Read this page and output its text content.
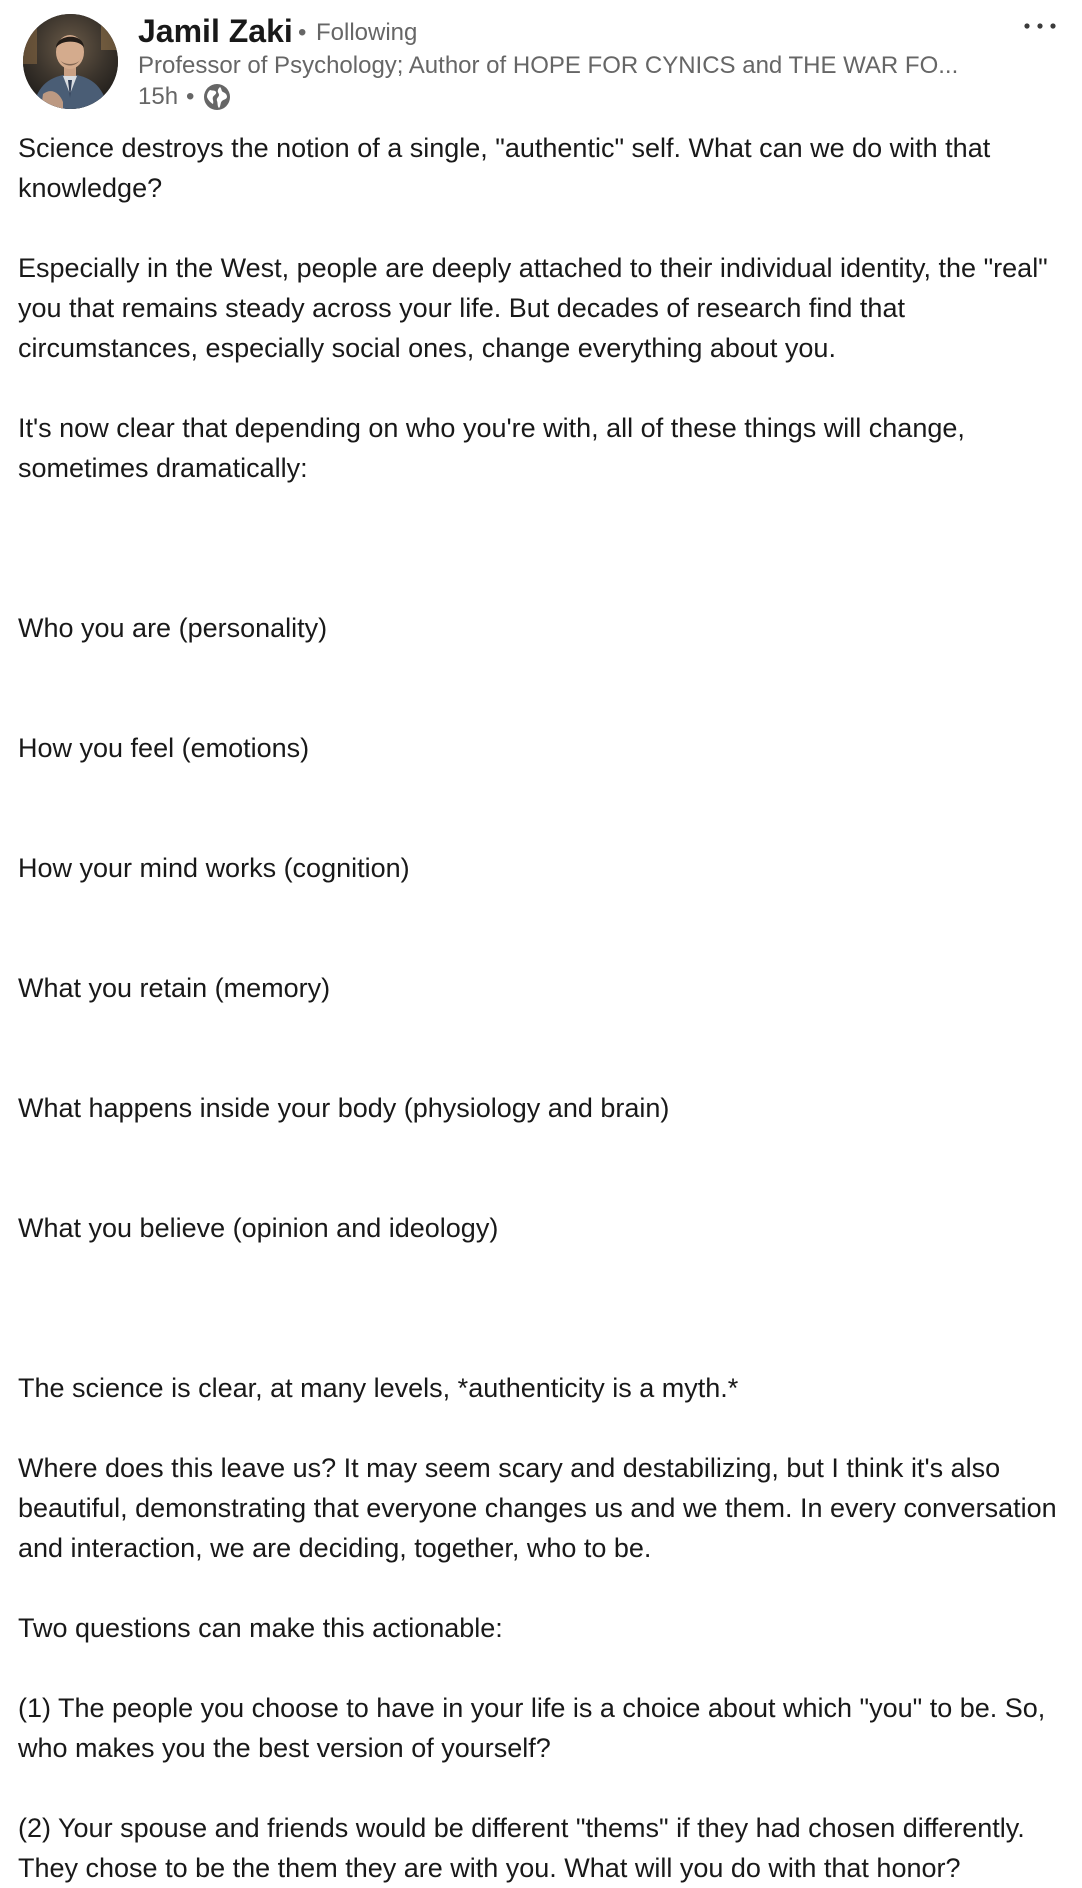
Jamil Zaki • Following
Professor of Psychology; Author of HOPE FOR CYNICS and THE WAR FO...
15h •

Science destroys the notion of a single, "authentic" self. What can we do with that knowledge?

Especially in the West, people are deeply attached to their individual identity, the "real" you that remains steady across your life. But decades of research find that circumstances, especially social ones, change everything about you.

It's now clear that depending on who you're with, all of these things will change, sometimes dramatically:

Who you are (personality)

How you feel (emotions)

How your mind works (cognition)

What you retain (memory)

What happens inside your body (physiology and brain)

What you believe (opinion and ideology)

The science is clear, at many levels, *authenticity is a myth.*

Where does this leave us? It may seem scary and destabilizing, but I think it's also beautiful, demonstrating that everyone changes us and we them. In every conversation and interaction, we are deciding, together, who to be.

Two questions can make this actionable:

(1) The people you choose to have in your life is a choice about which "you" to be. So, who makes you the best version of yourself?

(2) Your spouse and friends would be different "thems" if they had chosen differently.  They chose to be the them they are with you. What will you do with that honor?
